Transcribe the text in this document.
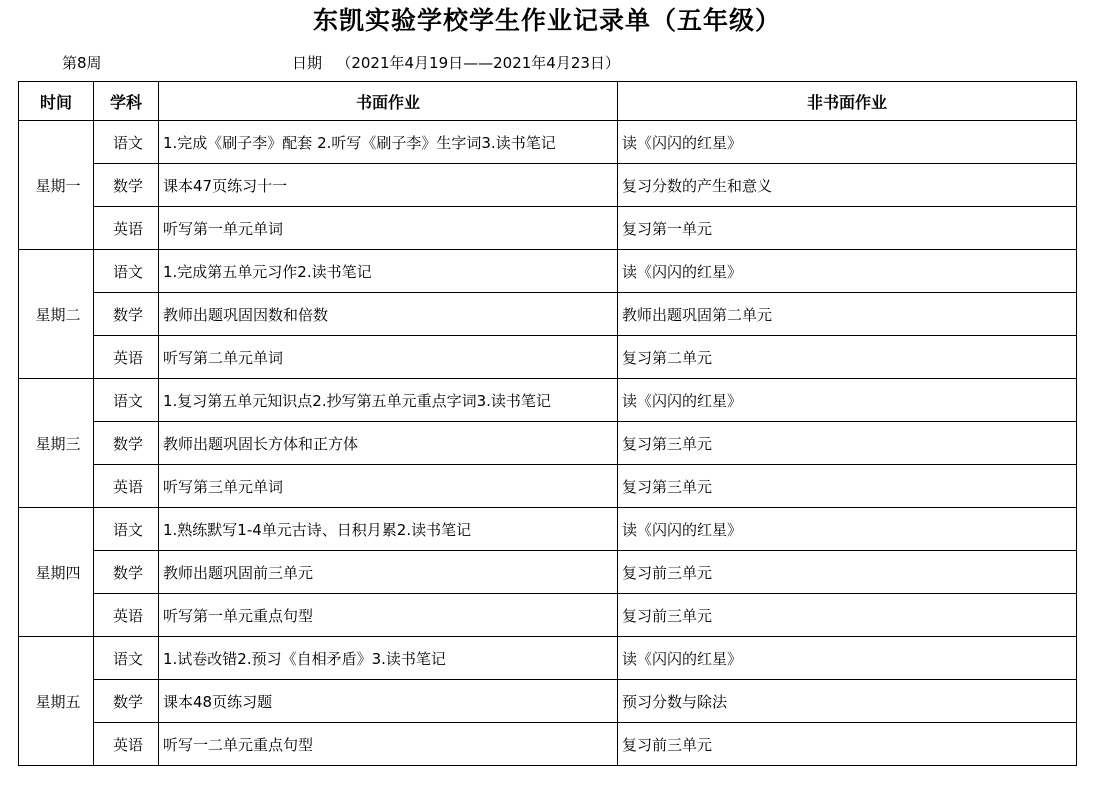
东凯实验学校学生作业记录单（五年级）
第8周	日期 （2021年4月19日——2021年4月23日）
时间	学科	书面作业	非书面作业
星期一	语文	1.完成《刷子李》配套 2.听写《刷子李》生字词3.读书笔记	读《闪闪的红星》
	数学	课本47页练习十一	复习分数的产生和意义
	英语	听写第一单元单词	复习第一单元
星期二	语文	1.完成第五单元习作2.读书笔记	读《闪闪的红星》
	数学	教师出题巩固因数和倍数	教师出题巩固第二单元
	英语	听写第二单元单词	复习第二单元
星期三	语文	1.复习第五单元知识点2.抄写第五单元重点字词3.读书笔记	读《闪闪的红星》
	数学	教师出题巩固长方体和正方体	复习第三单元
	英语	听写第三单元单词	复习第三单元
星期四	语文	1.熟练默写1-4单元古诗、日积月累2.读书笔记	读《闪闪的红星》
	数学	教师出题巩固前三单元	复习前三单元
	英语	听写第一单元重点句型	复习前三单元
星期五	语文	1.试卷改错2.预习《自相矛盾》3.读书笔记	读《闪闪的红星》
	数学	课本48页练习题	预习分数与除法
	英语	听写一二单元重点句型	复习前三单元
